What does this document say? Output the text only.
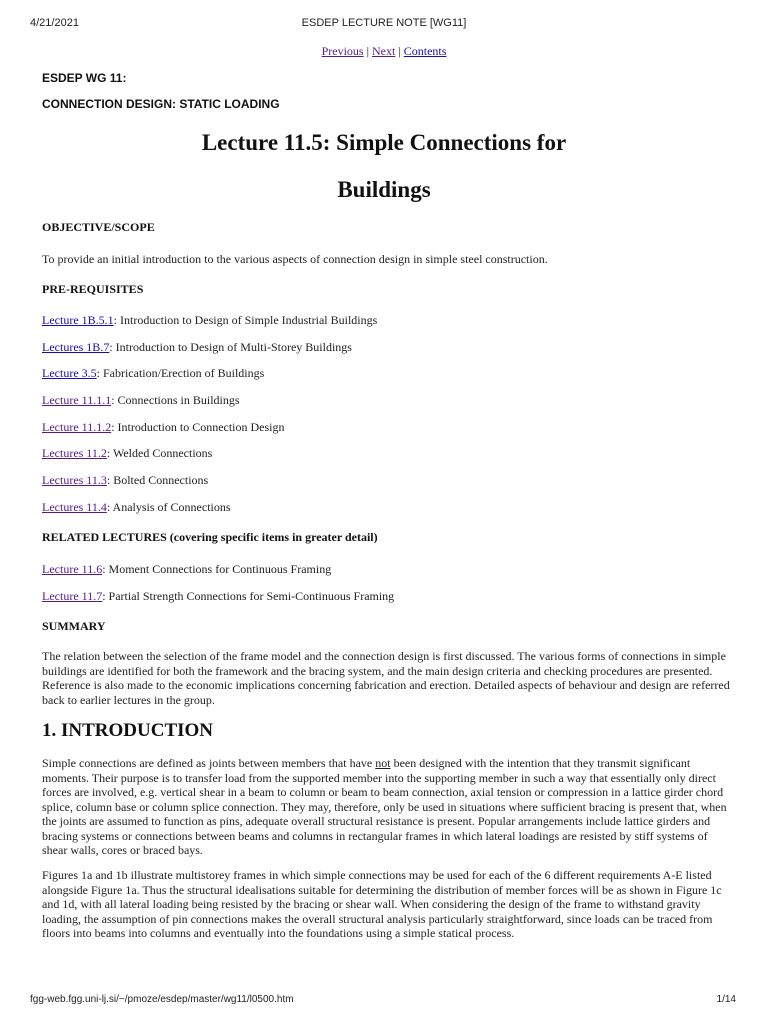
4/21/2021	ESDEP LECTURE NOTE [WG11]
Previous | Next | Contents
ESDEP WG 11:
CONNECTION DESIGN: STATIC LOADING
Lecture 11.5: Simple Connections for
Buildings
OBJECTIVE/SCOPE
To provide an initial introduction to the various aspects of connection design in simple steel construction.
PRE-REQUISITES
Lecture 1B.5.1: Introduction to Design of Simple Industrial Buildings
Lectures 1B.7: Introduction to Design of Multi-Storey Buildings
Lecture 3.5: Fabrication/Erection of Buildings
Lecture 11.1.1: Connections in Buildings
Lecture 11.1.2: Introduction to Connection Design
Lectures 11.2: Welded Connections
Lectures 11.3: Bolted Connections
Lectures 11.4: Analysis of Connections
RELATED LECTURES (covering specific items in greater detail)
Lecture 11.6: Moment Connections for Continuous Framing
Lecture 11.7: Partial Strength Connections for Semi-Continuous Framing
SUMMARY
The relation between the selection of the frame model and the connection design is first discussed. The various forms of connections in simple buildings are identified for both the framework and the bracing system, and the main design criteria and checking procedures are presented. Reference is also made to the economic implications concerning fabrication and erection. Detailed aspects of behaviour and design are referred back to earlier lectures in the group.
1. INTRODUCTION
Simple connections are defined as joints between members that have not been designed with the intention that they transmit significant moments. Their purpose is to transfer load from the supported member into the supporting member in such a way that essentially only direct forces are involved, e.g. vertical shear in a beam to column or beam to beam connection, axial tension or compression in a lattice girder chord splice, column base or column splice connection. They may, therefore, only be used in situations where sufficient bracing is present that, when the joints are assumed to function as pins, adequate overall structural resistance is present. Popular arrangements include lattice girders and bracing systems or connections between beams and columns in rectangular frames in which lateral loadings are resisted by stiff systems of shear walls, cores or braced bays.
Figures 1a and 1b illustrate multistorey frames in which simple connections may be used for each of the 6 different requirements A-E listed alongside Figure 1a. Thus the structural idealisations suitable for determining the distribution of member forces will be as shown in Figure 1c and 1d, with all lateral loading being resisted by the bracing or shear wall. When considering the design of the frame to withstand gravity loading, the assumption of pin connections makes the overall structural analysis particularly straightforward, since loads can be traced from floors into beams into columns and eventually into the foundations using a simple statical process.
fgg-web.fgg.uni-lj.si/~/pmoze/esdep/master/wg11/l0500.htm	1/14
